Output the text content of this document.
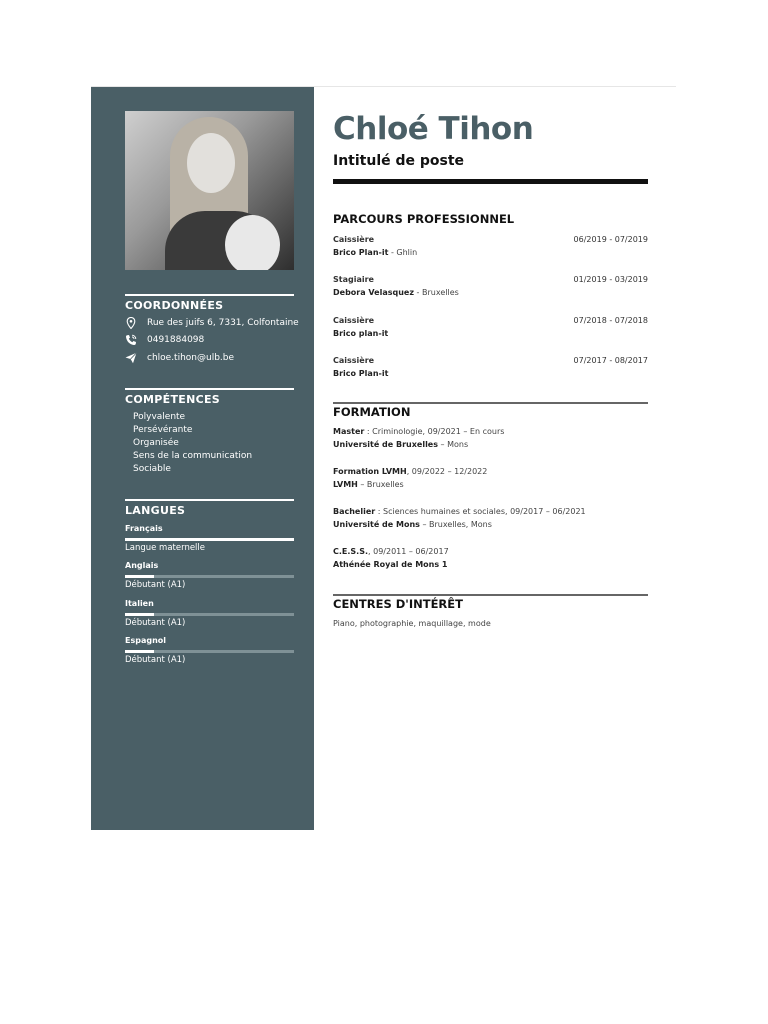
COORDONNÉES
Rue des juifs 6, 7331, Colfontaine
0491884098
chloe.tihon@ulb.be
COMPÉTENCES
Polyvalente
Persévérante
Organisée
Sens de la communication
Sociable
LANGUES
Français
Langue maternelle
Anglais
Débutant (A1)
Italien
Débutant (A1)
Espagnol
Débutant (A1)
Chloé Tihon
Intitulé de poste
PARCOURS PROFESSIONNEL
Caissière	06/2019 - 07/2019
Brico Plan-it - Ghlin
Stagiaire	01/2019 - 03/2019
Debora Velasquez - Bruxelles
Caissière	07/2018 - 07/2018
Brico plan-it
Caissière	07/2017 - 08/2017
Brico Plan-it
FORMATION
Master : Criminologie, 09/2021 – En cours
Université de Bruxelles – Mons
Formation LVMH, 09/2022 – 12/2022
LVMH – Bruxelles
Bachelier : Sciences humaines et sociales, 09/2017 – 06/2021
Université de Mons – Bruxelles, Mons
C.E.S.S., 09/2011 – 06/2017
Athénée Royal de Mons 1
CENTRES D'INTÉRÊT
Piano, photographie, maquillage, mode
